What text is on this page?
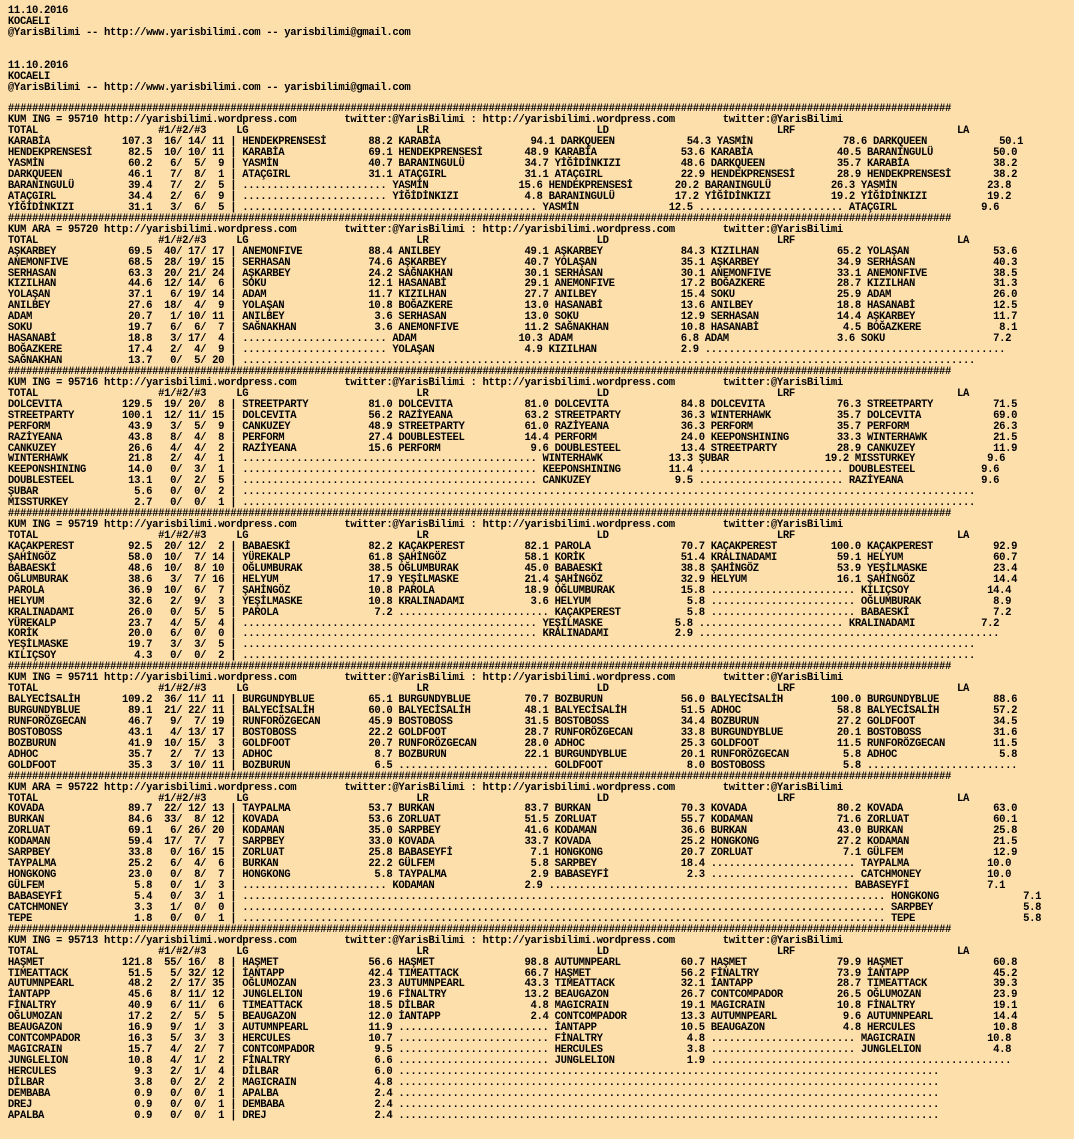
11.10.2016
KOCAELI
@YarisBilimi -- http://www.yarisbilimi.com -- yarisbilimi@gmail.com

11.10.2016
KOCAELI
@YarisBilimi -- http://www.yarisbilimi.com -- yarisbilimi@gmail.com

#############################################################################################################################################################
KUM ING = 95710 http://yarisbilimi.wordpress.com        twitter:@YarisBilimi : http://yarisbilimi.wordpress.com        twitter:@YarisBilimi
TOTAL                    #1/#2/#3     LG                            LR                            LD                            LRF                           LA
KARABİA            107.3  16/ 14/ 11 | HENDEKPRENSESİ       88.2 KARABİA               94.1 DARKQUEEN            54.3 YASMİN               78.6 DARKQUEEN            50.1
HENDEKPRENSESİ      82.5  10/ 10/ 11 | KARABİA              69.1 HENDEKPRENSESİ       48.9 KARABİA              53.6 KARABİA              40.5 BARANINGULÜ          50.0
YASMİN              60.2   6/  5/  9 | YASMİN               40.7 BARANINGULÜ          34.7 YİĞİDİNKIZI          48.6 DARKQUEEN            35.7 KARABİA              38.2
DARKQUEEN           46.1   7/  8/  1 | ATAÇGIRL             31.1 ATAÇGIRL             31.1 ATAÇGIRL             22.9 HENDEKPRENSESİ       28.9 HENDEKPRENSESİ       38.2
BARANINGULÜ         39.4   7/  2/  5 | ........................ YASMİN               15.6 HENDEKPRENSESİ       20.2 BARANINGULÜ          26.3 YASMİN               23.8
ATAÇGIRL            34.4   2/  6/  9 | ........................ YİĞİDİNKIZI           4.8 BARANINGULÜ          17.2 YİĞİDİNKIZI          19.2 YİĞİDİNKIZI          19.2
YİĞİDİNKIZI         31.1   3/  6/  5 | ................................................. YASMİN               12.5 ........................ ATAÇGIRL              9.6
#############################################################################################################################################################
KUM ARA = 95720 http://yarisbilimi.wordpress.com        twitter:@YarisBilimi : http://yarisbilimi.wordpress.com        twitter:@YarisBilimi
TOTAL                    #1/#2/#3     LG                            LR                            LD                            LRF                           LA
AŞKARBEY            69.5  40/ 17/ 17 | ANEMONFIVE           88.4 ANILBEY              49.1 AŞKARBEY             84.3 KIZILHAN             65.2 YOLAŞAN              53.6
ANEMONFIVE          68.5  28/ 19/ 15 | SERHASAN             74.6 AŞKARBEY             40.7 YOLAŞAN              35.1 AŞKARBEY             34.9 SERHASAN             40.3
SERHASAN            63.3  20/ 21/ 24 | AŞKARBEY             24.2 SAĞNAKHAN            30.1 SERHASAN             30.1 ANEMONFIVE           33.1 ANEMONFIVE           38.5
KIZILHAN            44.6  12/ 14/  6 | SOKU                 12.1 HASANABİ             29.1 ANEMONFIVE           17.2 BOĞAZKERE            28.7 KIZILHAN             31.3
YOLAŞAN             37.1   6/ 19/ 14 | ADAM                 11.7 KIZILHAN             27.7 ANILBEY              15.4 SOKU                 25.9 ADAM                 26.0
ANILBEY             27.6  18/  4/  9 | YOLAŞAN              10.8 BOĞAZKERE            13.0 HASANABİ             13.6 ANILBEY              18.8 HASANABİ             12.5
ADAM                20.7   1/ 10/ 11 | ANILBEY               3.6 SERHASAN             13.0 SOKU                 12.9 SERHASAN             14.4 AŞKARBEY             11.7
SOKU                19.7   6/  6/  7 | SAĞNAKHAN             3.6 ANEMONFIVE           11.2 SAĞNAKHAN            10.8 HASANABİ              4.5 BOĞAZKERE             8.1
HASANABİ            18.8   3/ 17/  4 | ........................ ADAM                 10.3 ADAM                  6.8 ADAM                  3.6 SOKU                  7.2
BOĞAZKERE           17.4   2/  4/  9 | ........................ YOLAŞAN               4.9 KIZILHAN              2.9 ..................................................
SAĞNAKHAN           13.7   0/  5/ 20 | ..........................................................................................................................
#############################################################################################################################################################
KUM ING = 95716 http://yarisbilimi.wordpress.com        twitter:@YarisBilimi : http://yarisbilimi.wordpress.com        twitter:@YarisBilimi
TOTAL                    #1/#2/#3     LG                            LR                            LD                            LRF                           LA
DOLCEVITA          129.5  19/ 20/  8 | STREETPARTY          81.0 DOLCEVITA            81.0 DOLCEVITA            84.8 DOLCEVITA            76.3 STREETPARTY          71.5
STREETPARTY        100.1  12/ 11/ 15 | DOLCEVITA            56.2 RAZİYEANA            63.2 STREETPARTY          36.3 WINTERHAWK           35.7 DOLCEVITA            69.0
PERFORM             43.9   3/  5/  9 | CANKUZEY             48.9 STREETPARTY          61.0 RAZİYEANA            36.3 PERFORM              35.7 PERFORM              26.3
RAZİYEANA           43.8   8/  4/  8 | PERFORM              27.4 DOUBLESTEEL          14.4 PERFORM              24.0 KEEPONSHINING        33.3 WINTERHAWK           21.5
CANKUZEY            26.6   4/  4/  2 | RAZİYEANA            15.6 PERFORM               9.6 DOUBLESTEEL          13.4 STREETPARTY          28.9 CANKUZEY             11.9
WINTERHAWK          21.8   2/  4/  1 | ................................................. WINTERHAWK           13.3 ŞUBAR                19.2 MISSTURKEY            9.6
KEEPONSHINING       14.0   0/  3/  1 | ................................................. KEEPONSHINING        11.4 ........................ DOUBLESTEEL           9.6
DOUBLESTEEL         13.1   0/  2/  5 | ................................................. CANKUZEY              9.5 ........................ RAZİYEANA             9.6
ŞUBAR                5.6   0/  0/  2 | ..........................................................................................................................
MISSTURKEY           2.7   0/  0/  1 | ..........................................................................................................................
#############################################################################################################################################################
KUM ING = 95719 http://yarisbilimi.wordpress.com        twitter:@YarisBilimi : http://yarisbilimi.wordpress.com        twitter:@YarisBilimi
TOTAL                    #1/#2/#3     LG                            LR                            LD                            LRF                           LA
KAÇAKPEREST         92.5  20/ 12/  2 | BABAESKİ             82.2 KAÇAKPEREST          82.1 PAROLA               70.7 KAÇAKPEREST         100.0 KAÇAKPEREST          92.9
ŞAHİNGÖZ            58.0  10/  7/ 14 | YÜREKALP             61.8 ŞAHİNGÖZ             58.1 KORİK                51.4 KRALINADAMI          59.1 HELYUM               60.7
BABAESKİ            48.6  10/  8/ 10 | OĞLUMBURAK           38.5 OĞLUMBURAK           45.0 BABAESKİ             38.8 ŞAHİNGÖZ             53.9 YEŞİLMASKE           23.4
OĞLUMBURAK          38.6   3/  7/ 16 | HELYUM               17.9 YEŞİLMASKE           21.4 ŞAHİNGÖZ             32.9 HELYUM               16.1 ŞAHİNGÖZ             14.4
PAROLA              36.9  10/  6/  7 | ŞAHİNGÖZ             10.8 PAROLA               18.9 OĞLUMBURAK           15.8 ........................ KILIÇSOY             14.4
HELYUM              32.6   2/  9/  3 | YEŞİLMASKE           10.8 KRALINADAMI           3.6 HELYUM                5.8 ........................ OĞLUMBURAK            8.9
KRALINADAMI         26.0   0/  5/  5 | PAROLA                7.2 ......................... KAÇAKPEREST           5.8 ........................ BABAESKİ              7.2
YÜREKALP            23.7   4/  5/  4 | ................................................. YEŞİLMASKE            5.8 ........................ KRALINADAMI           7.2
KORİK               20.0   6/  0/  0 | ................................................. KRALINADAMI           2.9 ..................................................
YEŞİLMASKE          19.7   3/  3/  5 | ..........................................................................................................................
KILIÇSOY             4.3   0/  0/  2 | ..........................................................................................................................
#############################################################################################################################################################
KUM ING = 95711 http://yarisbilimi.wordpress.com        twitter:@YarisBilimi : http://yarisbilimi.wordpress.com        twitter:@YarisBilimi
TOTAL                    #1/#2/#3     LG                            LR                            LD                            LRF                           LA
BALYECİSALİH       109.2  36/ 11/ 11 | BURGUNDYBLUE         65.1 BURGUNDYBLUE         70.7 BOZBURUN             56.0 BALYECİSALİH        100.0 BURGUNDYBLUE         88.6
BURGUNDYBLUE        89.1  21/ 22/ 11 | BALYECİSALİH         60.0 BALYECİSALİH         48.1 BALYECİSALİH         51.5 ADHOC                58.8 BALYECİSALİH         57.2
RUNFORÖZGECAN       46.7   9/  7/ 19 | RUNFORÖZGECAN        45.9 BOSTOBOSS            31.5 BOSTOBOSS            34.4 BOZBURUN             27.2 GOLDFOOT             34.5
BOSTOBOSS           43.1   4/ 13/ 17 | BOSTOBOSS            22.2 GOLDFOOT             28.7 RUNFORÖZGECAN        33.8 BURGUNDYBLUE         20.1 BOSTOBOSS            31.6
BOZBURUN            41.9  10/ 15/  3 | GOLDFOOT             20.7 RUNFORÖZGECAN        28.0 ADHOC                25.3 GOLDFOOT             11.5 RUNFORÖZGECAN        11.5
ADHOC               35.7   2/  7/ 13 | ADHOC                 8.7 BOZBURUN             22.1 BURGUNDYBLUE         20.1 RUNFORÖZGECAN         5.8 ADHOC                 5.8
GOLDFOOT            35.3   3/ 10/ 11 | BOZBURUN              6.5 ......................... GOLDFOOT              8.0 BOSTOBOSS             5.8 .........................
#############################################################################################################################################################
KUM ARA = 95722 http://yarisbilimi.wordpress.com        twitter:@YarisBilimi : http://yarisbilimi.wordpress.com        twitter:@YarisBilimi
TOTAL                    #1/#2/#3     LG                            LR                            LD                            LRF                           LA
KOVADA              89.7  22/ 12/ 13 | TAYPALMA             53.7 BURKAN               83.7 BURKAN               70.3 KOVADA               80.2 KOVADA               63.0
BURKAN              84.6  33/  8/ 12 | KOVADA               53.6 ZORLUAT              51.5 ZORLUAT              55.7 KODAMAN              71.6 ZORLUAT              60.1
ZORLUAT             69.1   6/ 26/ 20 | KODAMAN              35.0 SARPBEY              41.6 KODAMAN              36.6 BURKAN               43.0 BURKAN               25.8
KODAMAN             59.4  17/  7/  7 | SARPBEY              33.0 KOVADA               33.7 KOVADA               25.2 HONGKONG             27.2 KODAMAN              21.5
SARPBEY             33.8   0/ 16/ 15 | ZORLUAT              25.8 BABASEYFİ             7.1 HONGKONG             20.7 ZORLUAT               7.1 GÜLFEM               12.9
TAYPALMA            25.2   6/  4/  6 | BURKAN               22.2 GÜLFEM                5.8 SARPBEY              18.4 ........................ TAYPALMA             10.0
HONGKONG            23.0   0/  8/  7 | HONGKONG              5.8 TAYPALMA              2.9 BABASEYFİ             2.3 ........................ CATCHMONEY           10.0
GÜLFEM               5.8   0/  1/  3 | ........................ KODAMAN               2.9 .................................................. BABASEYFİ             7.1
BABASEYFİ            5.4   0/  3/  1 | ........................................................................................................... HONGKONG              7.1
CATCHMONEY           3.3   1/  0/  0 | ........................................................................................................... SARPBEY               5.8
TEPE                 1.8   0/  0/  1 | ........................................................................................................... TEPE                  5.8
#############################################################################################################################################################
KUM ING = 95713 http://yarisbilimi.wordpress.com        twitter:@YarisBilimi : http://yarisbilimi.wordpress.com        twitter:@YarisBilimi
TOTAL                    #1/#2/#3     LG                            LR                            LD                            LRF                           LA
HAŞMET             121.8  55/ 16/  8 | HAŞMET               56.6 HAŞMET               98.8 AUTUMNPEARL          60.7 HAŞMET               79.9 HAŞMET               60.8
TIMEATTACK          51.5   5/ 32/ 12 | İANTAPP              42.4 TIMEATTACK           66.7 HAŞMET               56.2 FİNALTRY             73.9 İANTAPP              45.2
AUTUMNPEARL         48.2   2/ 17/ 35 | OĞLUMOZAN            23.3 AUTUMNPEARL          43.3 TIMEATTACK           32.1 İANTAPP              28.7 TIMEATTACK           39.3
İANTAPP             45.6   8/ 11/ 12 | JUNGLELION           19.6 FİNALTRY             13.2 BEAUGAZON            26.7 CONTCOMPADOR         26.5 OĞLUMOZAN            23.9
FİNALTRY            40.9   6/ 11/  6 | TIMEATTACK           18.5 DİLBAR                4.8 MAGICRAIN            19.1 MAGICRAIN            10.8 FİNALTRY             19.1
OĞLUMOZAN           17.2   2/  5/  5 | BEAUGAZON            12.0 İANTAPP               2.4 CONTCOMPADOR         13.3 AUTUMNPEARL           9.6 AUTUMNPEARL          14.4
BEAUGAZON           16.9   9/  1/  3 | AUTUMNPEARL          11.9 ......................... İANTAPP              10.5 BEAUGAZON             4.8 HERCULES             10.8
CONTCOMPADOR        16.3   5/  3/  3 | HERCULES             10.7 ......................... FİNALTRY              4.8 ........................ MAGICRAIN            10.8
MAGICRAIN           15.7   4/  2/  7 | CONTCOMPADOR          9.5 ......................... HERCULES              3.8 ........................ JUNGLELION            4.8
JUNGLELION          10.8   4/  1/  2 | FİNALTRY              6.6 ......................... JUNGLELION            1.9 ..................................................
HERCULES             9.3   2/  1/  4 | DİLBAR                6.0 ..........................................................................................
DİLBAR               3.8   0/  2/  2 | MAGICRAIN             4.8 ..........................................................................................
DEMBABA              0.9   0/  0/  1 | APALBA                2.4 ..........................................................................................
DREJ                 0.9   0/  0/  1 | DEMBABA               2.4 ..........................................................................................
APALBA               0.9   0/  0/  1 | DREJ                  2.4 ..........................................................................................
